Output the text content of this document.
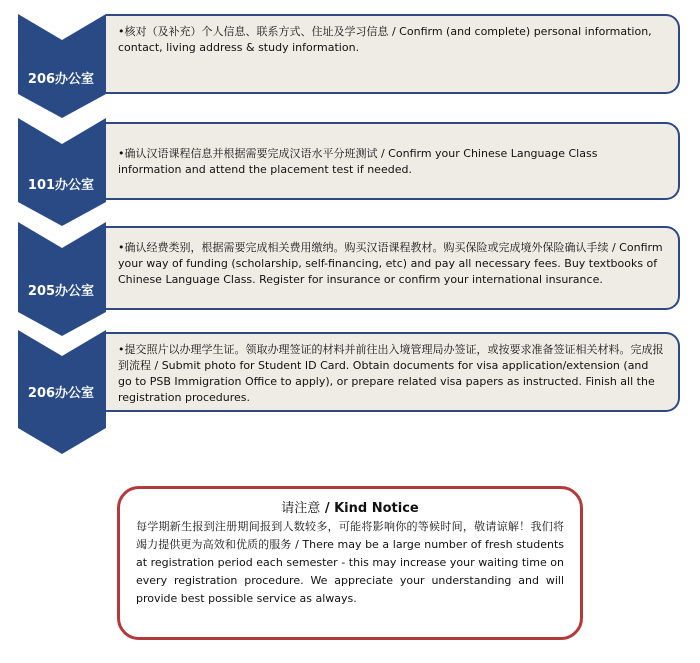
206办公室
•核对（及补充）个人信息、联系方式、住址及学习信息 / Confirm (and complete) personal information, contact, living address & study information.
101办公室
•确认汉语课程信息并根据需要完成汉语水平分班测试 / Confirm your Chinese Language Class information and attend the placement test if needed.
205办公室
•确认经费类别，根据需要完成相关费用缴纳。购买汉语课程教材。购买保险或完成境外保险确认手续 / Confirm your way of funding (scholarship, self-financing, etc) and pay all necessary fees. Buy textbooks of Chinese Language Class. Register for insurance or confirm your international insurance.
206办公室
•提交照片以办理学生证。领取办理签证的材料并前往出入境管理局办签证，或按要求准备签证相关材料。完成报到流程 / Submit photo for Student ID Card. Obtain documents for visa application/extension (and go to PSB Immigration Office to apply), or prepare related visa papers as instructed. Finish all the registration procedures.
请注意 / Kind Notice
每学期新生报到注册期间报到人数较多，可能将影响你的等候时间，敬请谅解！我们将竭力提供更为高效和优质的服务 / There may be a large number of fresh students at registration period each semester - this may increase your waiting time on every registration procedure. We appreciate your understanding and will provide best possible service as always.
